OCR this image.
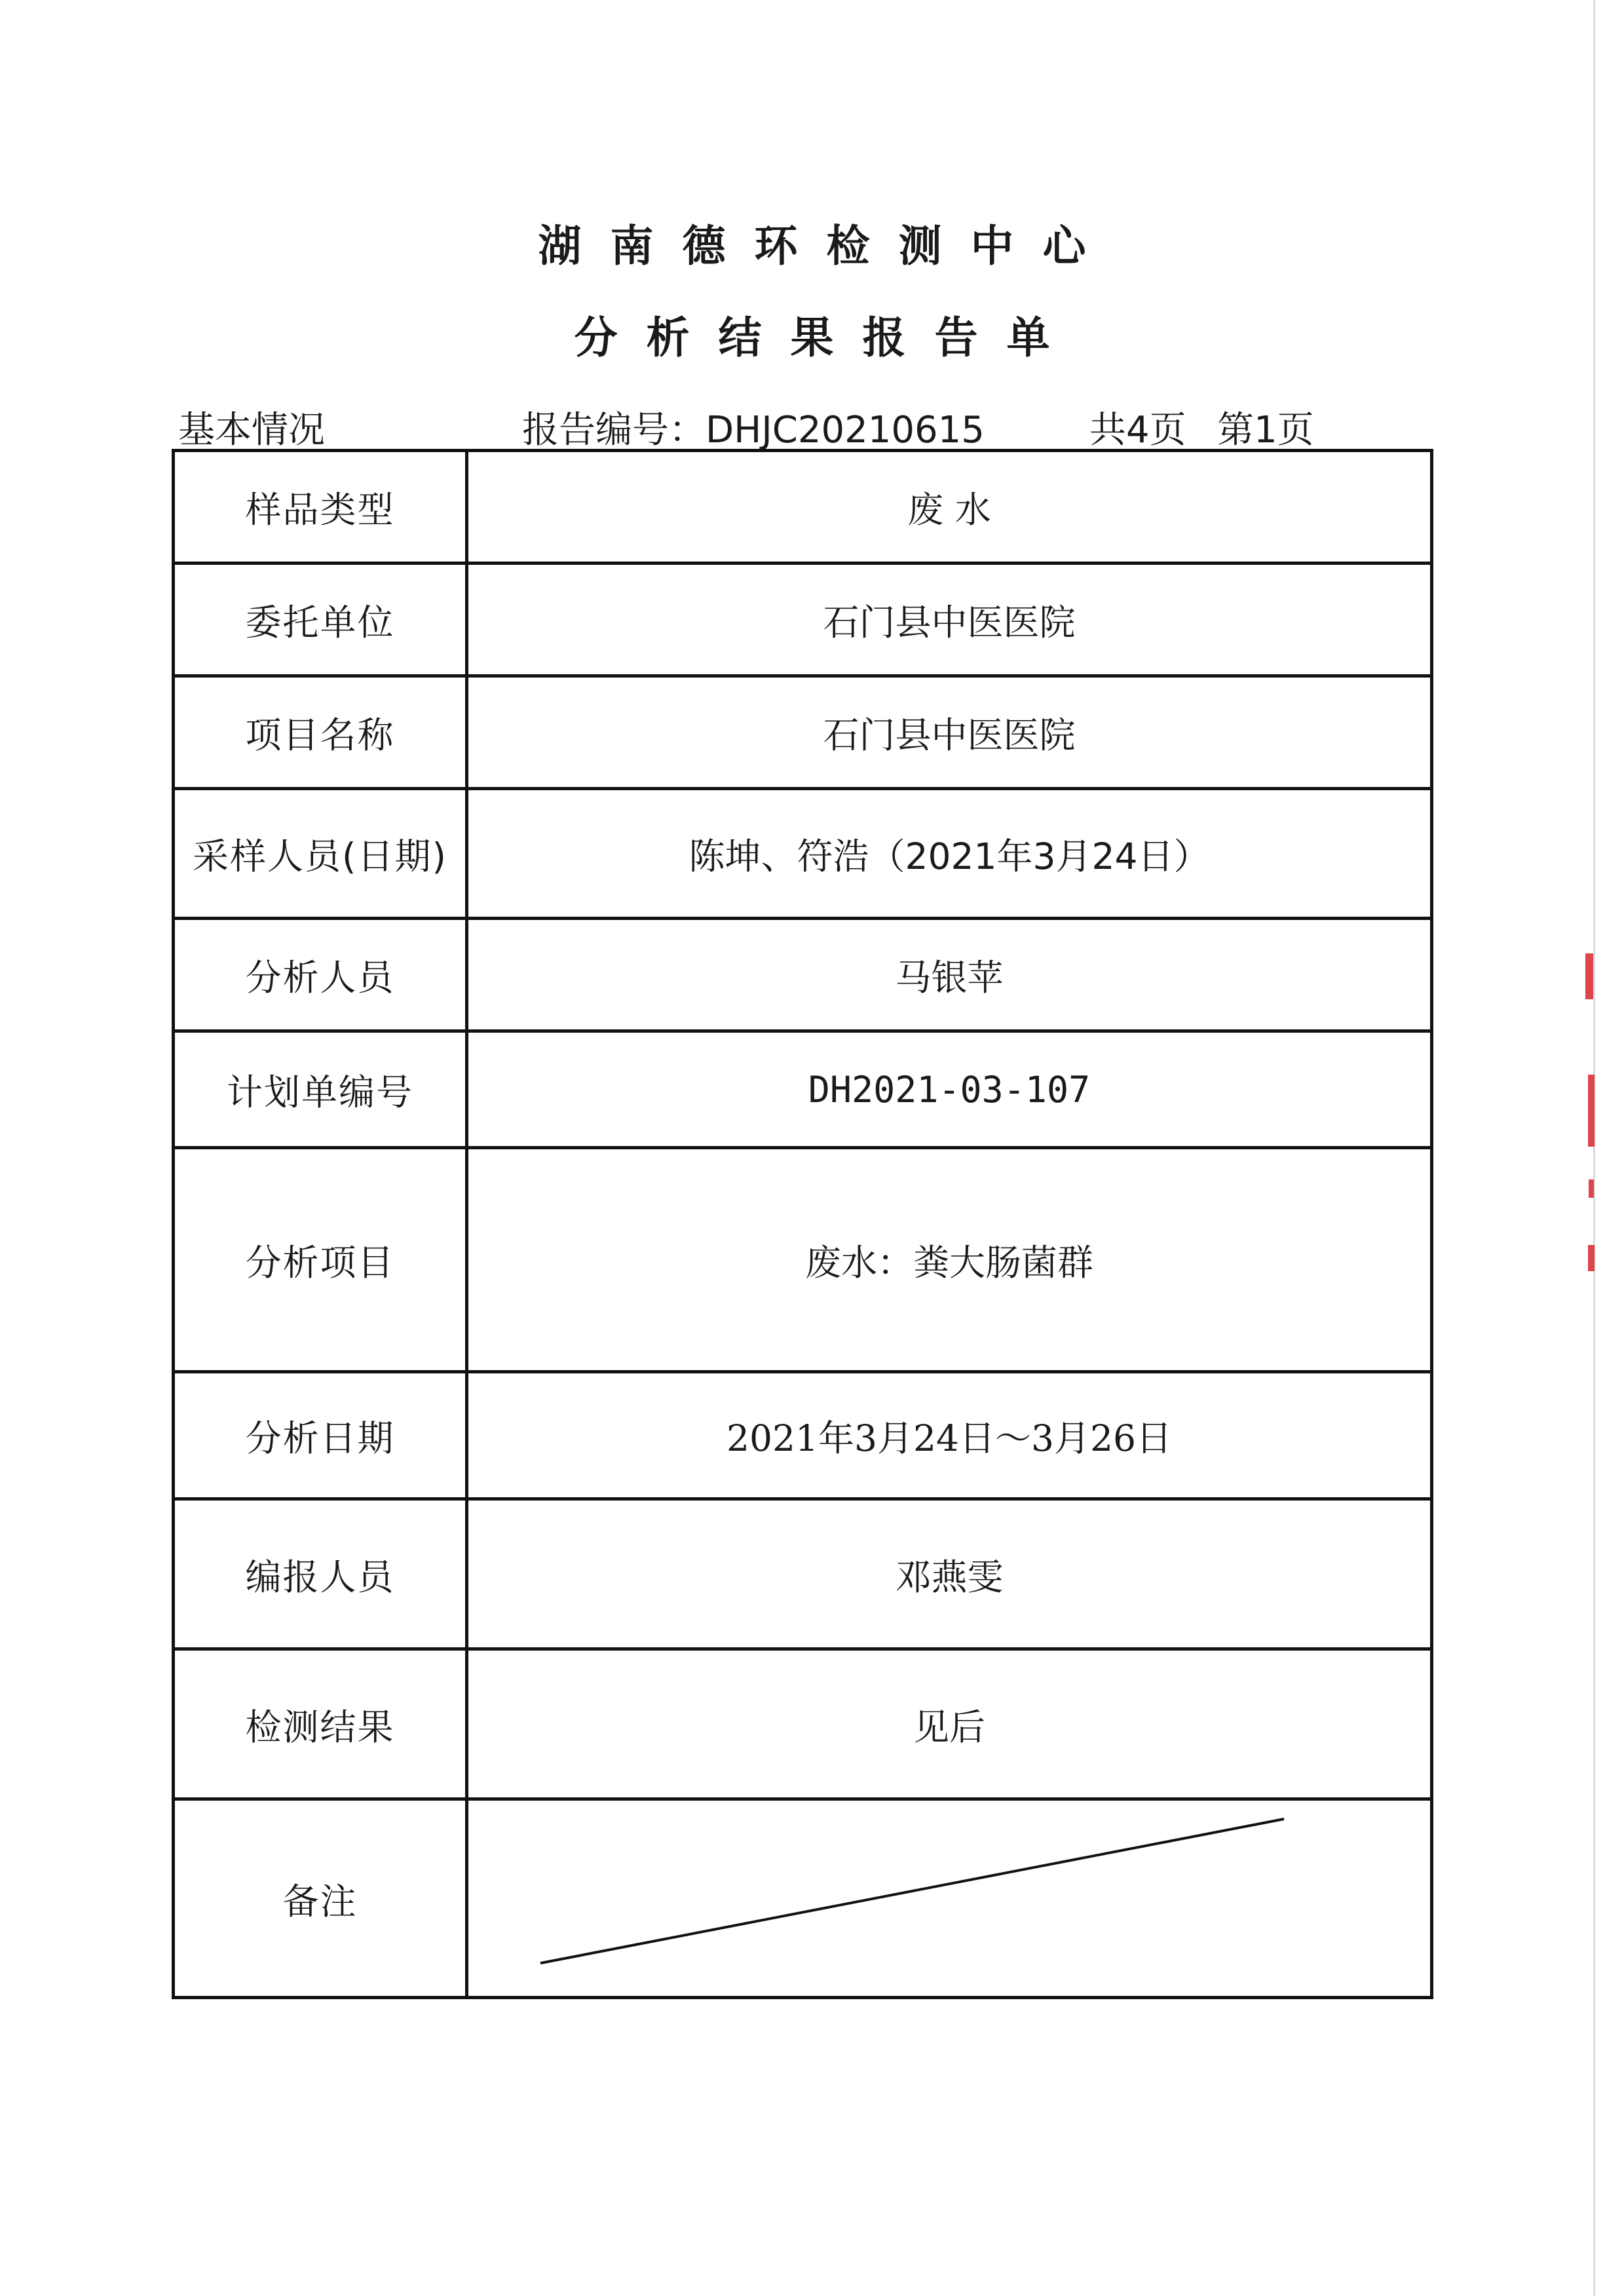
湖南德环检测中心
分析结果报告单
基本情况	报告编号：DHJC20210615	共4页 第1页
样品类型	废 水
委托单位	石门县中医医院
项目名称	石门县中医医院
采样人员(日期)	陈坤、符浩（2021年3月24日）
分析人员	马银苹
计划单编号	DH2021-03-107
分析项目	废水：粪大肠菌群
分析日期	2021年3月24日～3月26日
编报人员	邓燕雯
检测结果	见后
备注	
